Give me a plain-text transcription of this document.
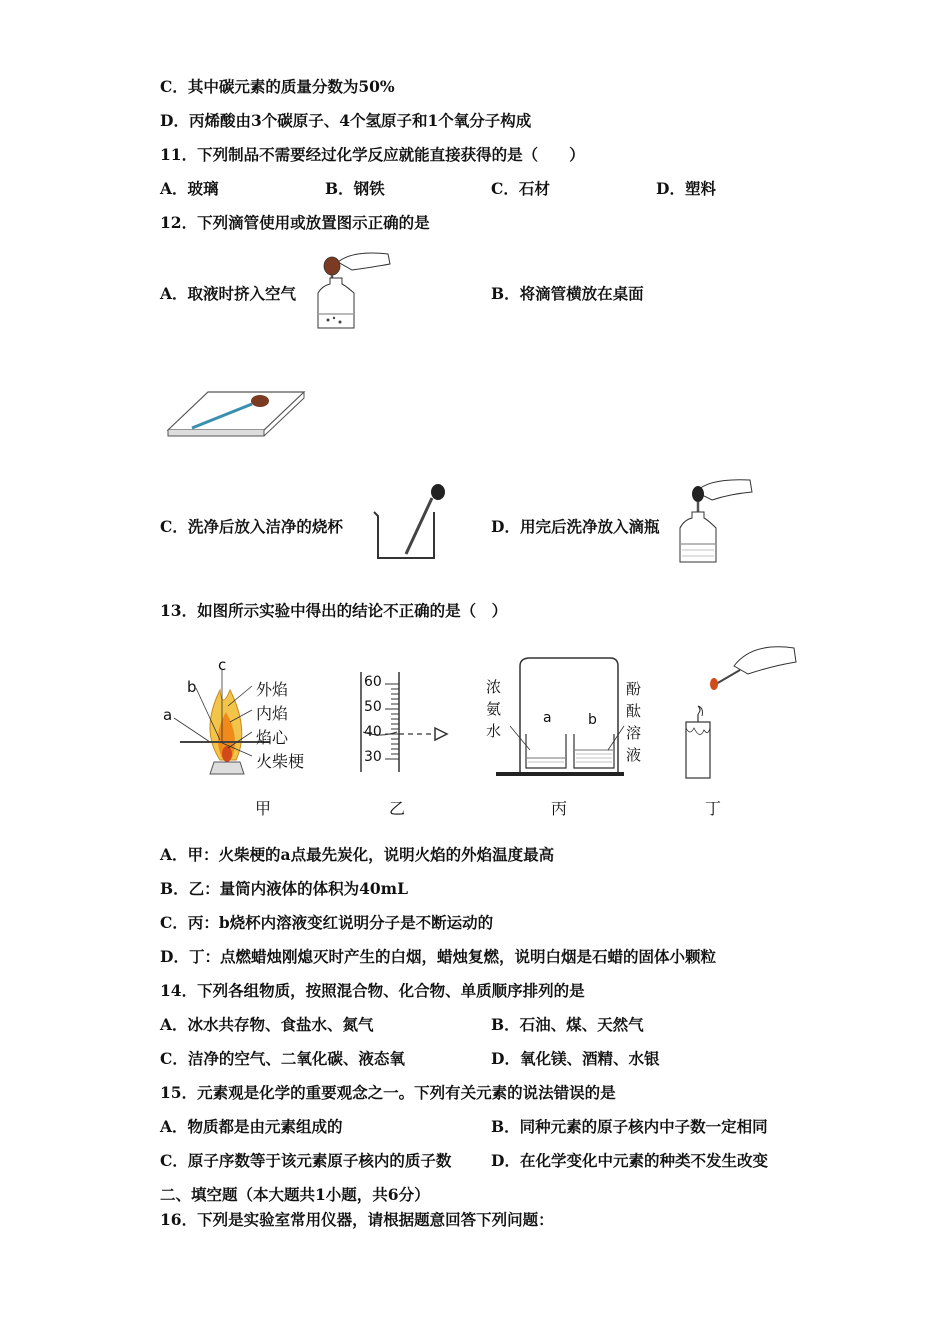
C．其中碳元素的质量分数为50%
D．丙烯酸由3个碳原子、4个氢原子和1个氧分子构成
11．下列制品不需要经过化学反应就能直接获得的是（　　）
A．玻璃	B．钢铁	C．石材	D．塑料
12．下列滴管使用或放置图示正确的是
A．取液时挤入空气	B．将滴管横放在桌面
C．洗净后放入洁净的烧杯	D．用完后洗净放入滴瓶
13．如图所示实验中得出的结论不正确的是（　）
c
b
a
外焰
内焰
焰心
火柴梗
甲
60
50
40
30
乙
浓
氨
水
酚
酞
溶
液
a	b
丙	丁
A．甲：火柴梗的a点最先炭化，说明火焰的外焰温度最高
B．乙：量筒内液体的体积为40mL
C．丙：b烧杯内溶液变红说明分子是不断运动的
D．丁：点燃蜡烛刚熄灭时产生的白烟，蜡烛复燃，说明白烟是石蜡的固体小颗粒
14．下列各组物质，按照混合物、化合物、单质顺序排列的是
A．冰水共存物、食盐水、氮气	B．石油、煤、天然气
C．洁净的空气、二氧化碳、液态氧	D．氧化镁、酒精、水银
15．元素观是化学的重要观念之一。下列有关元素的说法错误的是
A．物质都是由元素组成的	B．同种元素的原子核内中子数一定相同
C．原子序数等于该元素原子核内的质子数	D．在化学变化中元素的种类不发生改变
二、填空题（本大题共1小题，共6分）
16．下列是实验室常用仪器，请根据题意回答下列问题：
